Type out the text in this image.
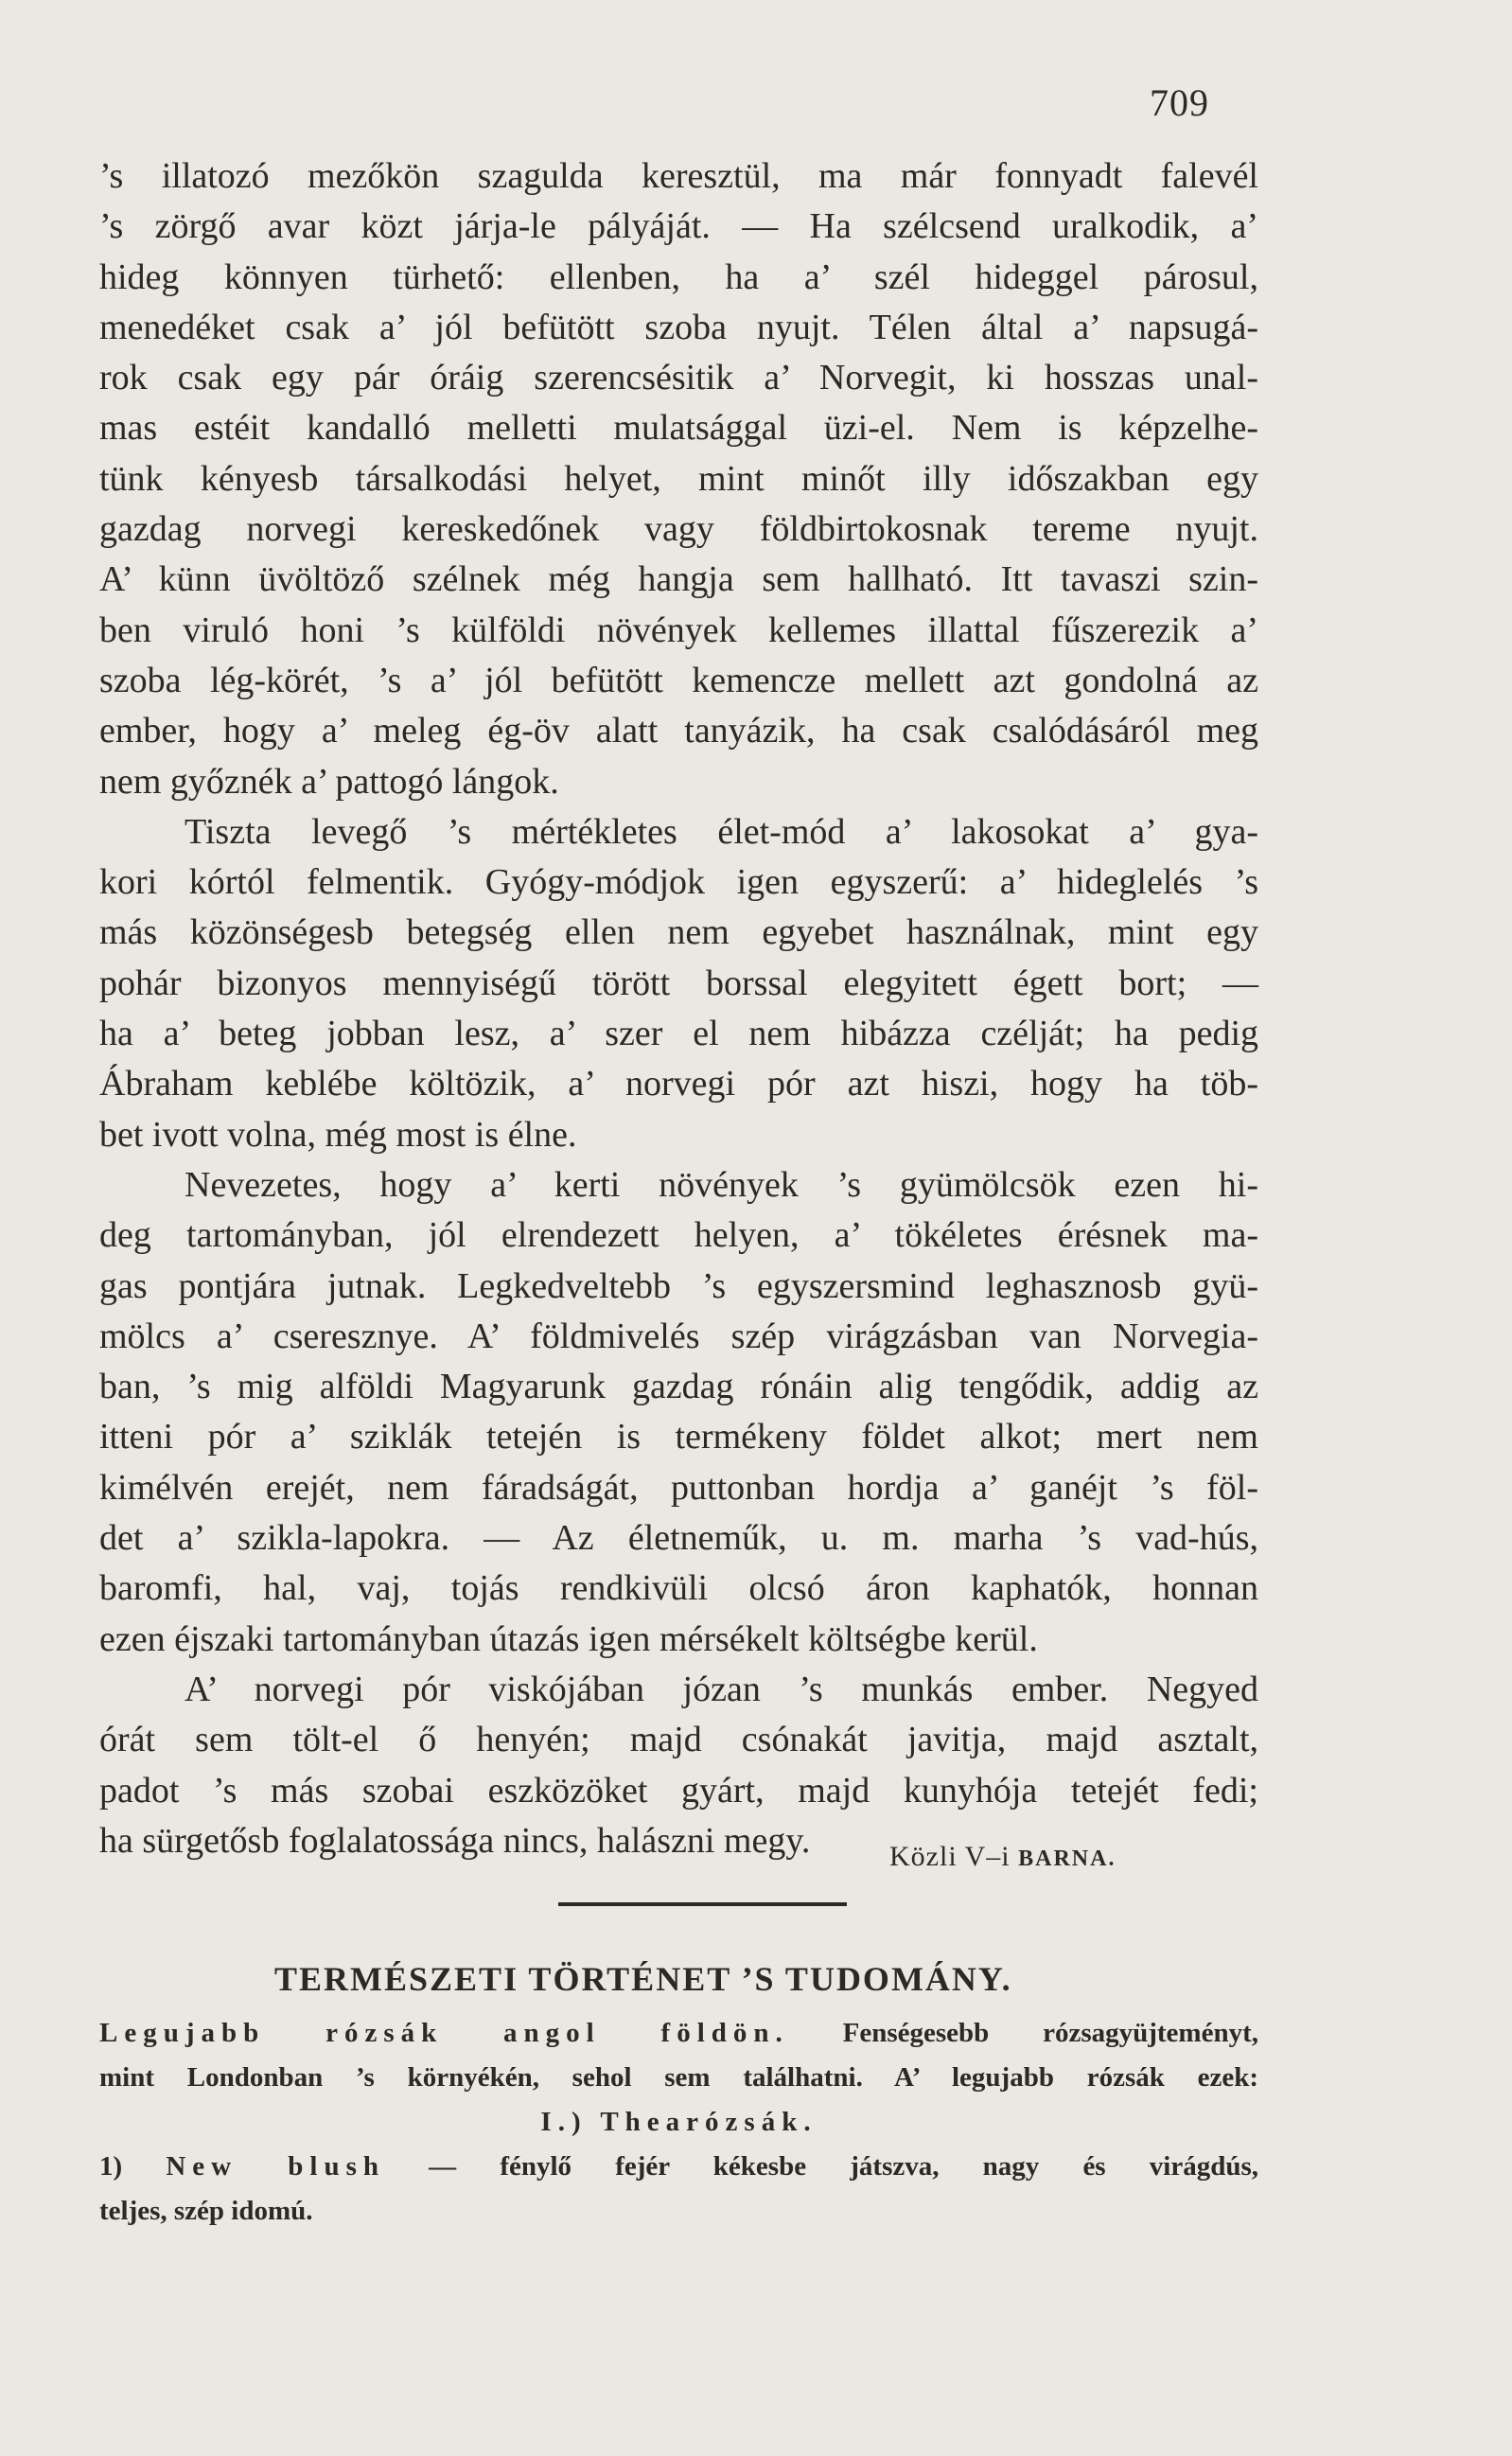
709
’s illatozó mezőkön szagulda keresztül, ma már fonnyadt falevél
’s zörgő avar közt járja-le pályáját. — Ha szélcsend uralkodik, a’
hideg könnyen türhető: ellenben, ha a’ szél hideggel párosul,
menedéket csak a’ jól befütött szoba nyujt. Télen által a’ napsugá-
rok csak egy pár óráig szerencsésitik a’ Norvegit, ki hosszas unal-
mas estéit kandalló melletti mulatsággal üzi-el. Nem is képzelhe-
tünk kényesb társalkodási helyet, mint minőt illy időszakban egy
gazdag norvegi kereskedőnek vagy földbirtokosnak tereme nyujt.
A’ künn üvöltöző szélnek még hangja sem hallható. Itt tavaszi szin-
ben viruló honi ’s külföldi növények kellemes illattal fűszerezik a’
szoba lég-körét, ’s a’ jól befütött kemencze mellett azt gondolná az
ember, hogy a’ meleg ég-öv alatt tanyázik, ha csak csalódásáról meg
nem győznék a’ pattogó lángok.
Tiszta levegő ’s mértékletes élet-mód a’ lakosokat a’ gya-
kori kórtól felmentik. Gyógy-módjok igen egyszerű: a’ hideglelés ’s
más közönségesb betegség ellen nem egyebet használnak, mint egy
pohár bizonyos mennyiségű törött borssal elegyitett égett bort; —
ha a’ beteg jobban lesz, a’ szer el nem hibázza czélját; ha pedig
Ábraham keblébe költözik, a’ norvegi pór azt hiszi, hogy ha töb-
bet ivott volna, még most is élne.
Nevezetes, hogy a’ kerti növények ’s gyümölcsök ezen hi-
deg tartományban, jól elrendezett helyen, a’ tökéletes érésnek ma-
gas pontjára jutnak. Legkedveltebb ’s egyszersmind leghasznosb gyü-
mölcs a’ cseresznye. A’ földmivelés szép virágzásban van Norvegia-
ban, ’s mig alföldi Magyarunk gazdag rónáin alig tengődik, addig az
itteni pór a’ sziklák tetején is termékeny földet alkot; mert nem
kimélvén erejét, nem fáradságát, puttonban hordja a’ ganéjt ’s föl-
det a’ szikla-lapokra. — Az életneműk, u. m. marha ’s vad-hús,
baromfi, hal, vaj, tojás rendkivüli olcsó áron kaphatók, honnan
ezen éjszaki tartományban útazás igen mérsékelt költségbe kerül.
A’ norvegi pór viskójában józan ’s munkás ember. Negyed
órát sem tölt-el ő henyén; majd csónakát javitja, majd asztalt,
padot ’s más szobai eszközöket gyárt, majd kunyhója tetejét fedi;
ha sürgetősb foglalatossága nincs, halászni megy.	Közli V–i BARNA.
TERMÉSZETI TÖRTÉNET ’S TUDOMÁNY.
Legujabb rózsák angol földön. Fenségesebb rózsagyüjteményt,
mint Londonban ’s környékén, sehol sem találhatni. A’ legujabb rózsák ezek:
I.) Thearózsák.
1) New blush — fénylő fejér kékesbe játszva, nagy és virágdús,
teljes, szép idomú.
